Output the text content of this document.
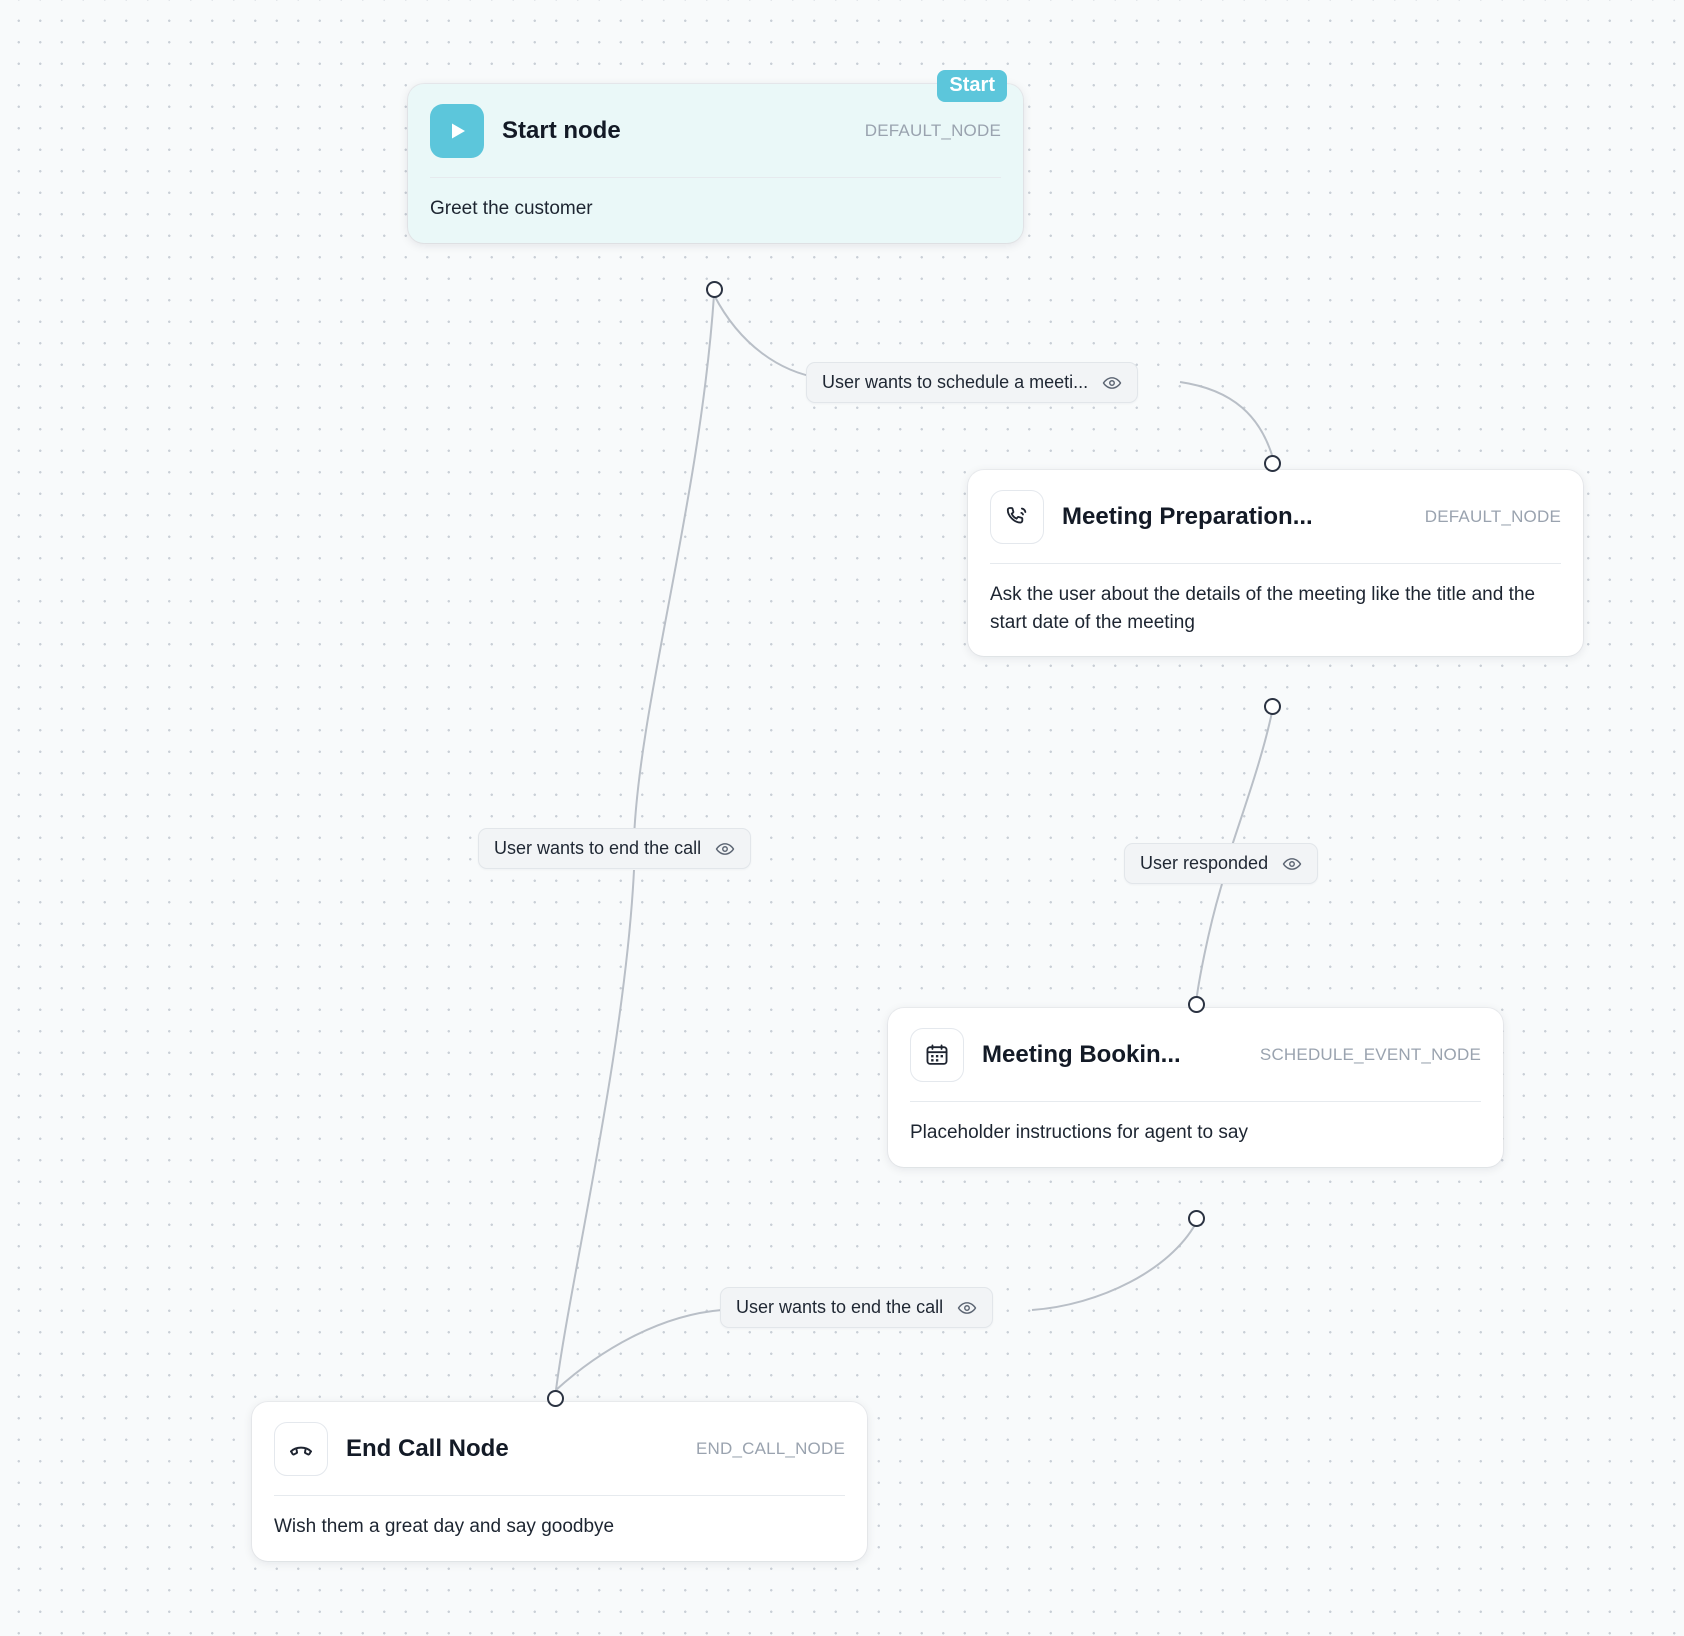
Start
Start node	DEFAULT_NODE
Greet the customer
Meeting Preparation...	DEFAULT_NODE
Ask the user about the details of the meeting like the title and the start date of the meeting
Meeting Bookin...	SCHEDULE_EVENT_NODE
Placeholder instructions for agent to say
End Call Node	END_CALL_NODE
Wish them a great day and say goodbye
User wants to schedule a meeti...
User wants to end the call
User responded
User wants to end the call
